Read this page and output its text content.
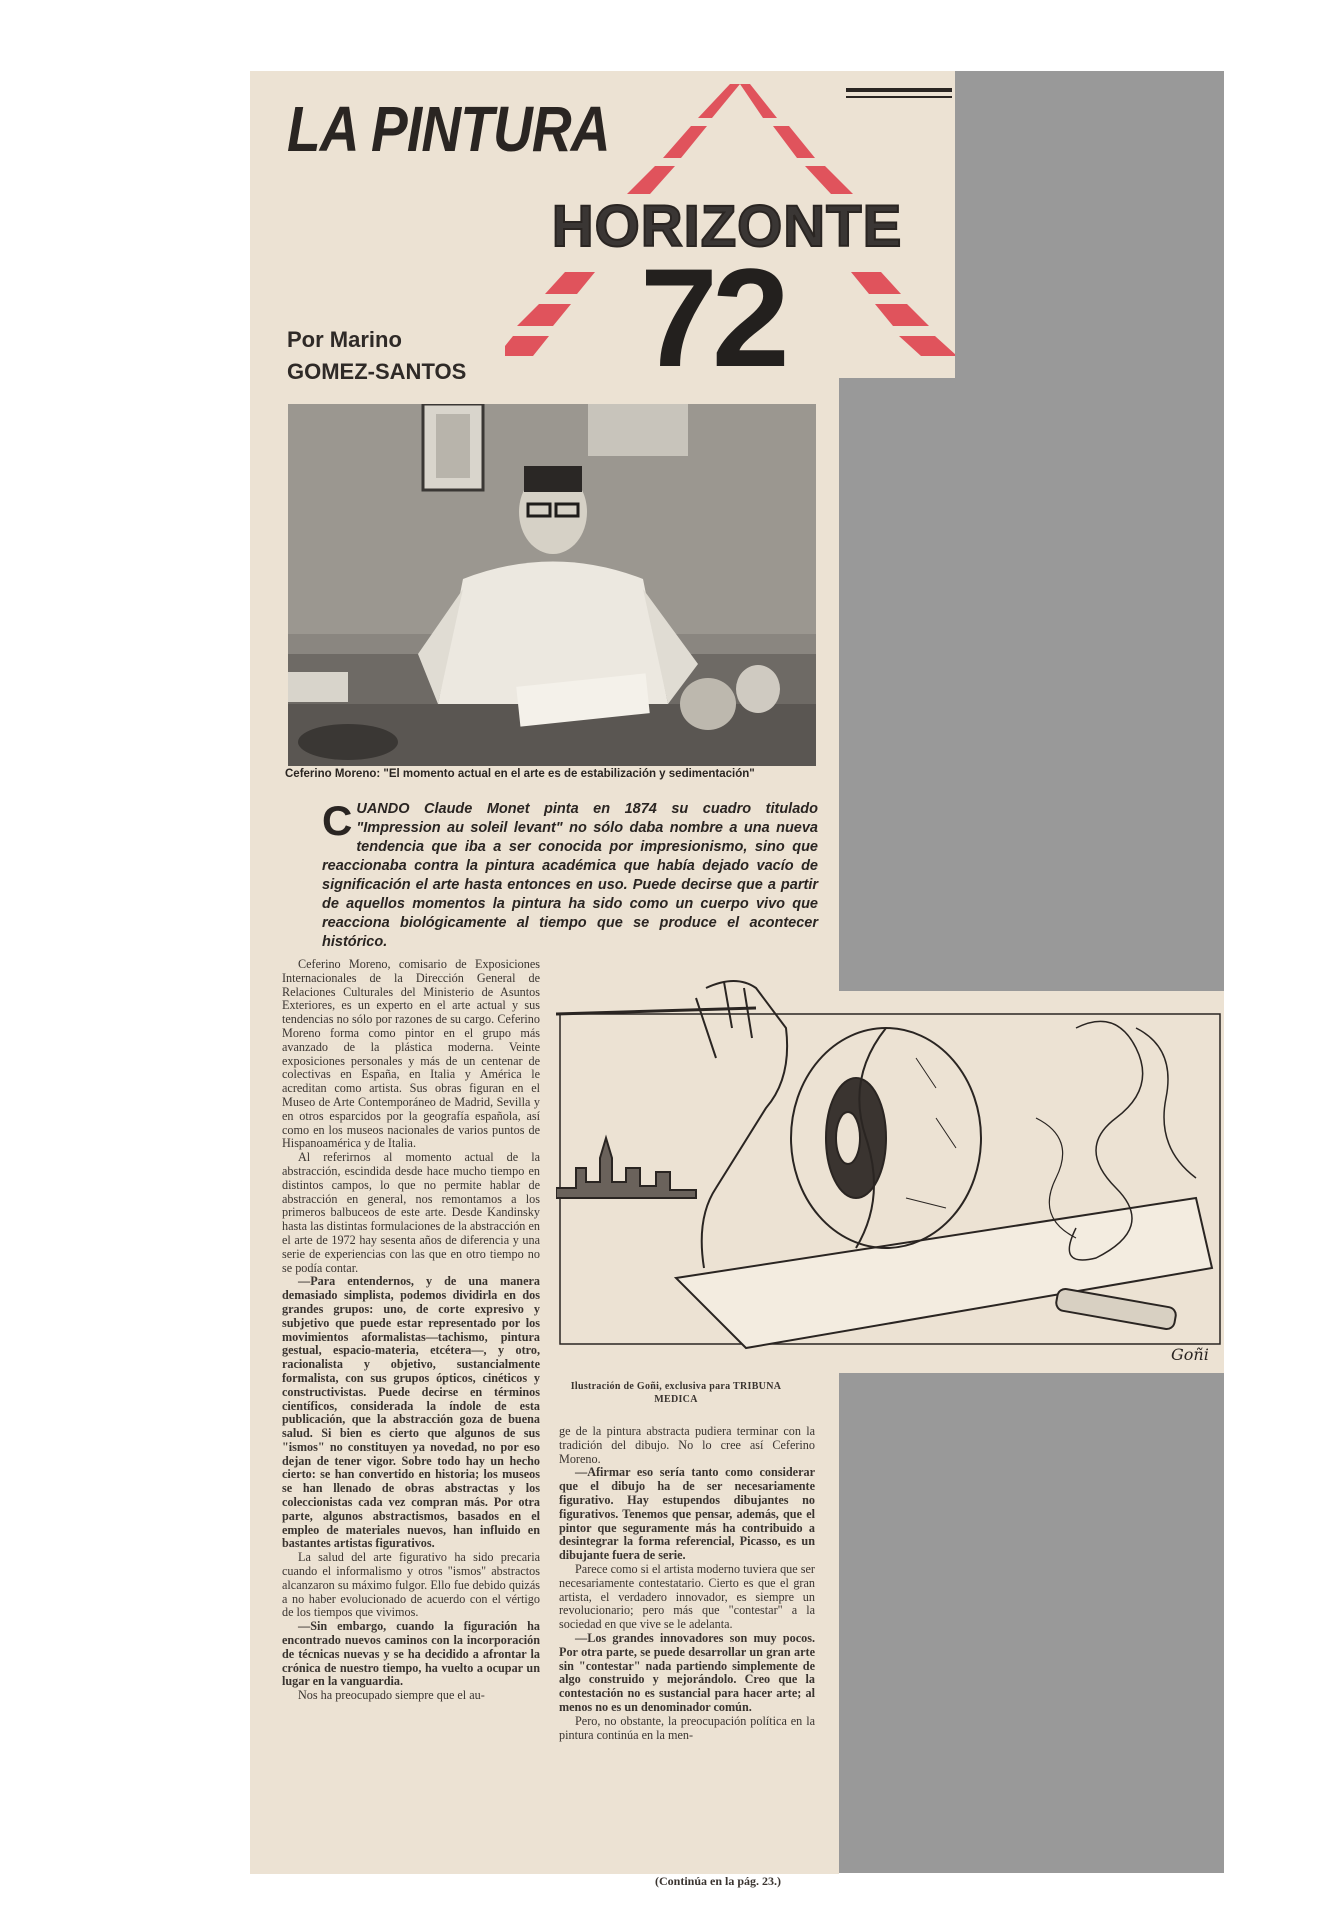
LA PINTURA
HORIZONTE
72
Por Marino
GOMEZ-SANTOS
Ceferino Moreno: "El momento actual en el arte es de estabilización y sedimentación"
CUANDO Claude Monet pinta en 1874 su cuadro titulado "Impression au soleil levant" no sólo daba nombre a una nueva tendencia que iba a ser conocida por impresionismo, sino que reaccionaba contra la pintura académica que había dejado vacío de significación el arte hasta entonces en uso. Puede decirse que a partir de aquellos momentos la pintura ha sido como un cuerpo vivo que reacciona biológicamente al tiempo que se produce el acontecer histórico.

Ceferino Moreno, comisario de Exposiciones Internacionales de la Dirección General de Relaciones Culturales del Ministerio de Asuntos Exteriores, es un experto en el arte actual y sus tendencias no sólo por razones de su cargo. Ceferino Moreno forma como pintor en el grupo más avanzado de la plástica moderna. Veinte exposiciones personales y más de un centenar de colectivas en España, en Italia y América le acreditan como artista. Sus obras figuran en el Museo de Arte Contemporáneo de Madrid, Sevilla y en otros esparcidos por la geografía española, así como en los museos nacionales de varios puntos de Hispanoamérica y de Italia.

Al referirnos al momento actual de la abstracción, escindida desde hace mucho tiempo en distintos campos, lo que no permite hablar de abstracción en general, nos remontamos a los primeros balbuceos de este arte. Desde Kandinsky hasta las distintas formulaciones de la abstracción en el arte de 1972 hay sesenta años de diferencia y una serie de experiencias con las que en otro tiempo no se podía contar.

—Para entendernos, y de una manera demasiado simplista, podemos dividirla en dos grandes grupos: uno, de corte expresivo y subjetivo que puede estar representado por los movimientos aformalistas—tachismo, pintura gestual, espacio-materia, etcétera—, y otro, racionalista y objetivo, sustancialmente formalista, con sus grupos ópticos, cinéticos y constructivistas. Puede decirse en términos científicos, considerada la índole de esta publicación, que la abstracción goza de buena salud. Si bien es cierto que algunos de sus "ismos" no constituyen ya novedad, no por eso dejan de tener vigor. Sobre todo hay un hecho cierto: se han convertido en historia; los museos se han llenado de obras abstractas y los coleccionistas cada vez compran más. Por otra parte, algunos abstractismos, basados en el empleo de materiales nuevos, han influido en bastantes artistas figurativos.

La salud del arte figurativo ha sido precaria cuando el informalismo y otros "ismos" abstractos alcanzaron su máximo fulgor. Ello fue debido quizás a no haber evolucionado de acuerdo con el vértigo de los tiempos que vivimos.

—Sin embargo, cuando la figuración ha encontrado nuevos caminos con la incorporación de técnicas nuevas y se ha decidido a afrontar la crónica de nuestro tiempo, ha vuelto a ocupar un lugar en la vanguardia.

Nos ha preocupado siempre que el au-

Goñi
Ilustración de Goñi, exclusiva para TRIBUNA MEDICA

ge de la pintura abstracta pudiera terminar con la tradición del dibujo. No lo cree así Ceferino Moreno.

—Afirmar eso sería tanto como considerar que el dibujo ha de ser necesariamente figurativo. Hay estupendos dibujantes no figurativos. Tenemos que pensar, además, que el pintor que seguramente más ha contribuido a desintegrar la forma referencial, Picasso, es un dibujante fuera de serie.

Parece como si el artista moderno tuviera que ser necesariamente contestatario. Cierto es que el gran artista, el verdadero innovador, es siempre un revolucionario; pero más que "contestar" a la sociedad en que vive se le adelanta.

—Los grandes innovadores son muy pocos. Por otra parte, se puede desarrollar un gran arte sin "contestar" nada partiendo simplemente de algo construido y mejorándolo. Creo que la contestación no es sustancial para hacer arte; al menos no es un denominador común.

Pero, no obstante, la preocupación política en la pintura continúa en la men-

(Continúa en la pág. 23.)
